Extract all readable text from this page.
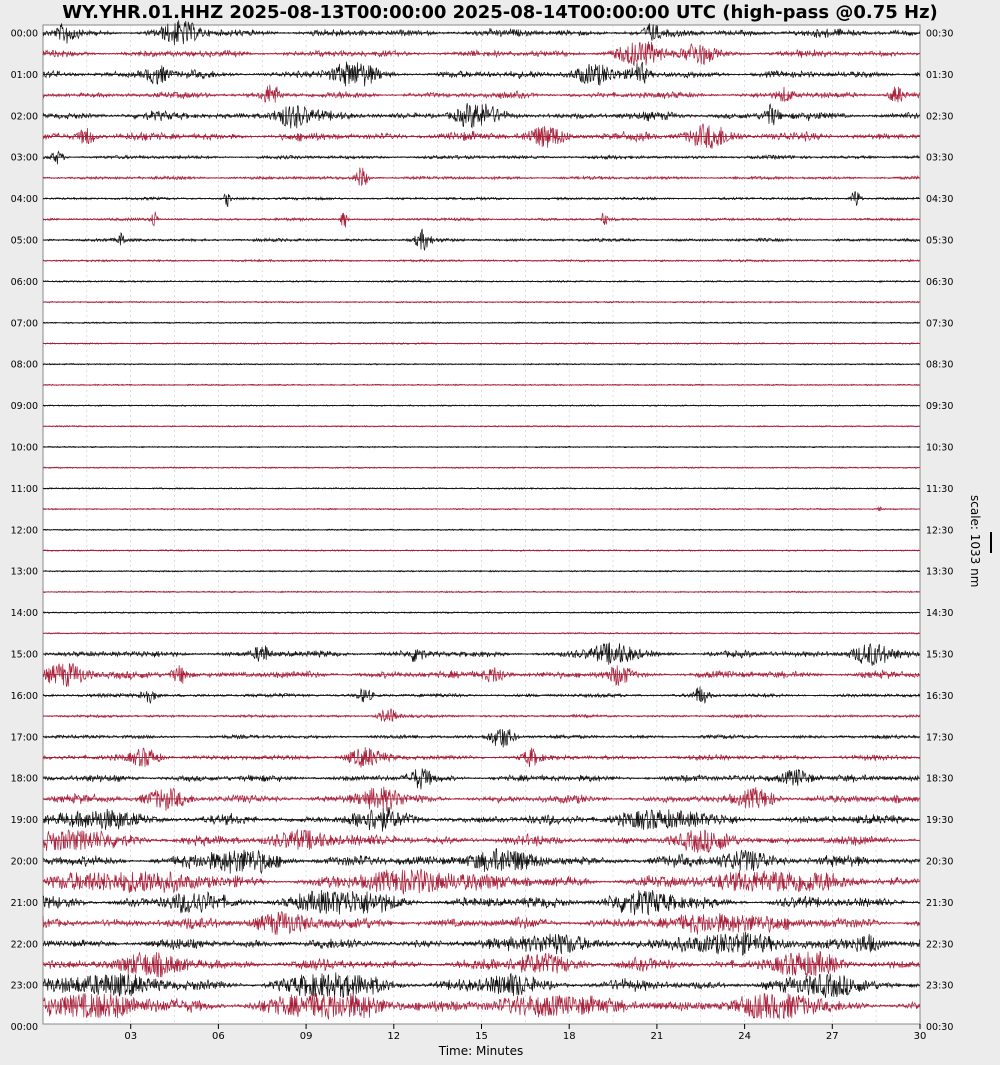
WY.YHR.01.HHZ 2025-08-13T00:00:00 2025-08-14T00:00:00 UTC (high-pass @0.75 Hz)
00:00
01:00
02:00
03:00
04:00
05:00
06:00
07:00
08:00
09:00
10:00
11:00
12:00
13:00
14:00
15:00
16:00
17:00
18:00
19:00
20:00
21:00
22:00
23:00
00:00
00:30
01:30
02:30
03:30
04:30
05:30
06:30
07:30
08:30
09:30
10:30
11:30
12:30
13:30
14:30
15:30
16:30
17:30
18:30
19:30
20:30
21:30
22:30
23:30
00:30
03	06	09	12	15	18	21	24	27	30
Time: Minutes
scale: 1033 nm
